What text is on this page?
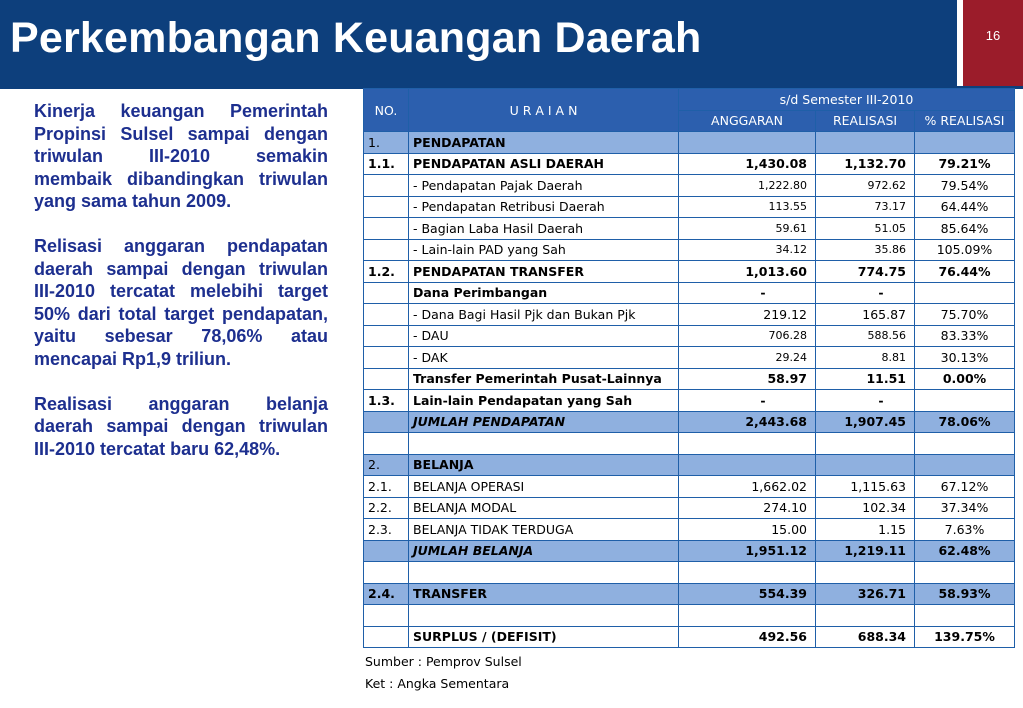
Perkembangan Keuangan Daerah	16

Kinerja keuangan Pemerintah Propinsi Sulsel sampai dengan triwulan III-2010 semakin membaik dibandingkan triwulan yang sama tahun 2009.

Relisasi anggaran pendapatan daerah sampai dengan triwulan III-2010 tercatat melebihi target 50% dari total target pendapatan, yaitu sebesar 78,06% atau mencapai Rp1,9 triliun.

Realisasi anggaran belanja daerah sampai dengan triwulan III-2010 tercatat baru 62,48%.

NO.	U R A I A N	s/d Semester III-2010		
		ANGGARAN	REALISASI	% REALISASI
1.	PENDAPATAN			
1.1.	PENDAPATAN ASLI DAERAH	1,430.08	1,132.70	79.21%
	- Pendapatan Pajak Daerah	1,222.80	972.62	79.54%
	- Pendapatan Retribusi Daerah	113.55	73.17	64.44%
	- Bagian Laba Hasil Daerah	59.61	51.05	85.64%
	- Lain-lain PAD yang Sah	34.12	35.86	105.09%
1.2.	PENDAPATAN TRANSFER	1,013.60	774.75	76.44%
	Dana Perimbangan	-	-	
	- Dana Bagi Hasil Pjk dan Bukan Pjk	219.12	165.87	75.70%
	- DAU	706.28	588.56	83.33%
	- DAK	29.24	8.81	30.13%
	Transfer Pemerintah Pusat-Lainnya	58.97	11.51	0.00%
1.3.	Lain-lain Pendapatan yang Sah	-	-	
	JUMLAH PENDAPATAN	2,443.68	1,907.45	78.06%

2.	BELANJA			
2.1.	BELANJA OPERASI	1,662.02	1,115.63	67.12%
2.2.	BELANJA MODAL	274.10	102.34	37.34%
2.3.	BELANJA TIDAK TERDUGA	15.00	1.15	7.63%
	JUMLAH BELANJA	1,951.12	1,219.11	62.48%

2.4.	TRANSFER	554.39	326.71	58.93%

	SURPLUS / (DEFISIT)	492.56	688.34	139.75%
Sumber : Pemprov Sulsel
Ket : Angka Sementara
